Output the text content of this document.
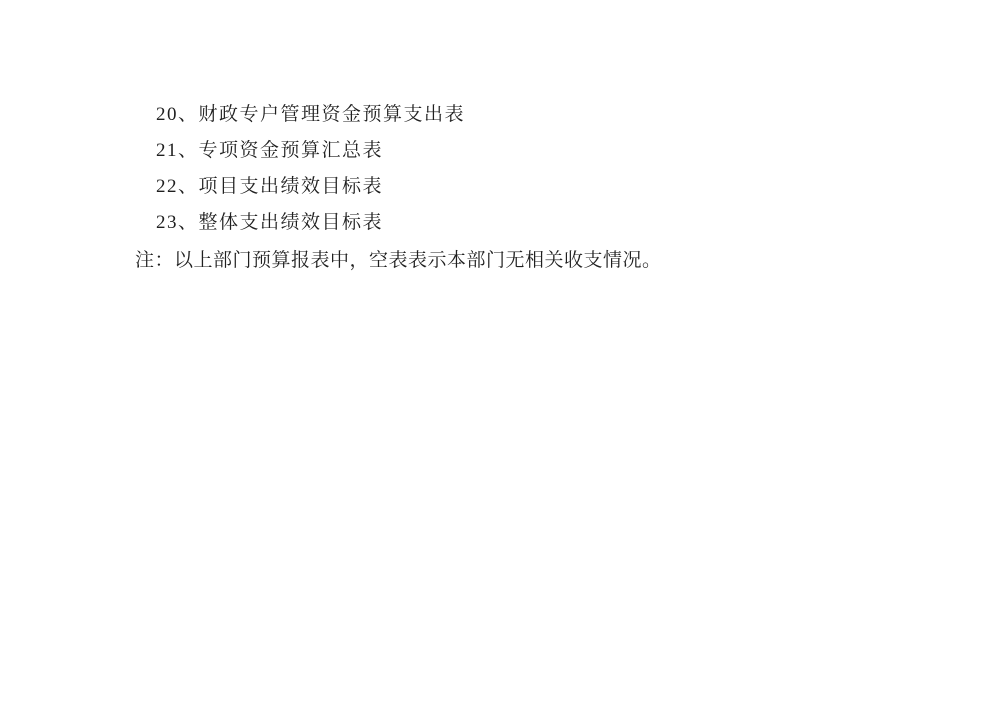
20、财政专户管理资金预算支出表
21、专项资金预算汇总表
22、项目支出绩效目标表
23、整体支出绩效目标表
注：以上部门预算报表中，空表表示本部门无相关收支情况。
